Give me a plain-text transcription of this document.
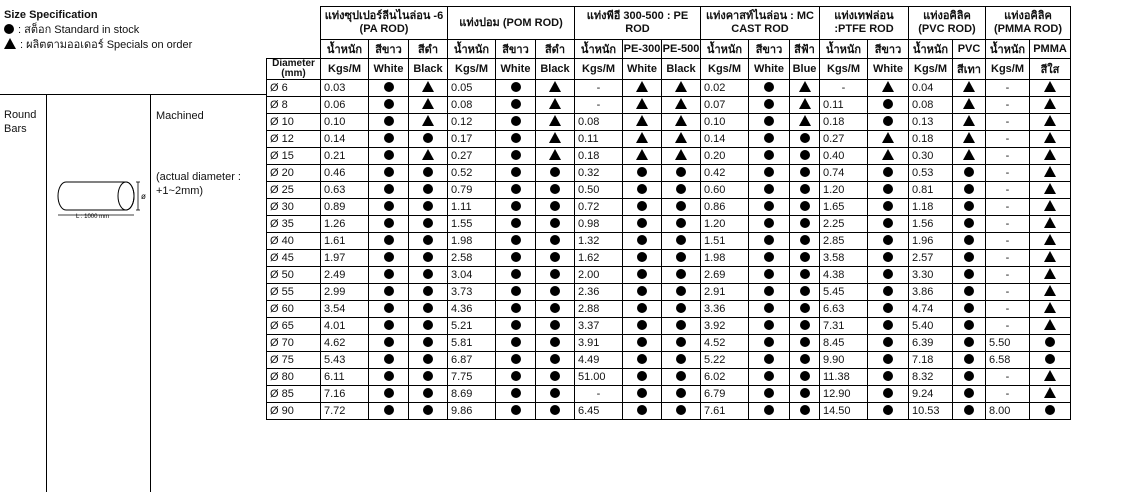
Size Specification
: สต็อก Standard in stock
: ผลิตตามออเดอร์ Specials on order
Round Bars
Machined
(actual diameter : +1~2mm)
ø
L : 1000 mm
	แท่งซุปเปอร์ลีนไนล่อน -6 (PA ROD)			แท่งปอม (POM ROD)			แท่งพีอี 300-500 : PE ROD			แท่งคาสท์ไนล่อน : MC CAST ROD			แท่งเทฟล่อน :PTFE ROD		แท่งอคิลิค (PVC ROD)		แท่งอคิลิค (PMMA ROD)	
	น้ำหนัก	สีขาว	สีดำ	น้ำหนัก	สีขาว	สีดำ	น้ำหนัก	PE-300	PE-500	น้ำหนัก	สีขาว	สีฟ้า	น้ำหนัก	สีขาว	น้ำหนัก	PVC	น้ำหนัก	PMMA

Diameter
(mm)	Kgs/M	White	Black	Kgs/M	White	Black	Kgs/M	White	Black	Kgs/M	White	Blue	Kgs/M	White	Kgs/M	สีเทา	Kgs/M	สีใส
Ø 6	0.03			0.05			-			0.02			-		0.04		-	
Ø 8	0.06			0.08			-			0.07			0.11		0.08		-	
Ø 10	0.10			0.12			0.08			0.10			0.18		0.13		-	
Ø 12	0.14			0.17			0.11			0.14			0.27		0.18		-	
Ø 15	0.21			0.27			0.18			0.20			0.40		0.30		-	
Ø 20	0.46			0.52			0.32			0.42			0.74		0.53		-	
Ø 25	0.63			0.79			0.50			0.60			1.20		0.81		-	
Ø 30	0.89			1.11			0.72			0.86			1.65		1.18		-	
Ø 35	1.26			1.55			0.98			1.20			2.25		1.56		-	
Ø 40	1.61			1.98			1.32			1.51			2.85		1.96		-	
Ø 45	1.97			2.58			1.62			1.98			3.58		2.57		-	
Ø 50	2.49			3.04			2.00			2.69			4.38		3.30		-	
Ø 55	2.99			3.73			2.36			2.91			5.45		3.86		-	
Ø 60	3.54			4.36			2.88			3.36			6.63		4.74		-	
Ø 65	4.01			5.21			3.37			3.92			7.31		5.40		-	
Ø 70	4.62			5.81			3.91			4.52			8.45		6.39		5.50	
Ø 75	5.43			6.87			4.49			5.22			9.90		7.18		6.58	
Ø 80	6.11			7.75			51.00			6.02			11.38		8.32		-	
Ø 85	7.16			8.69			-			6.79			12.90		9.24		-	
Ø 90	7.72			9.86			6.45			7.61			14.50		10.53		8.00	
